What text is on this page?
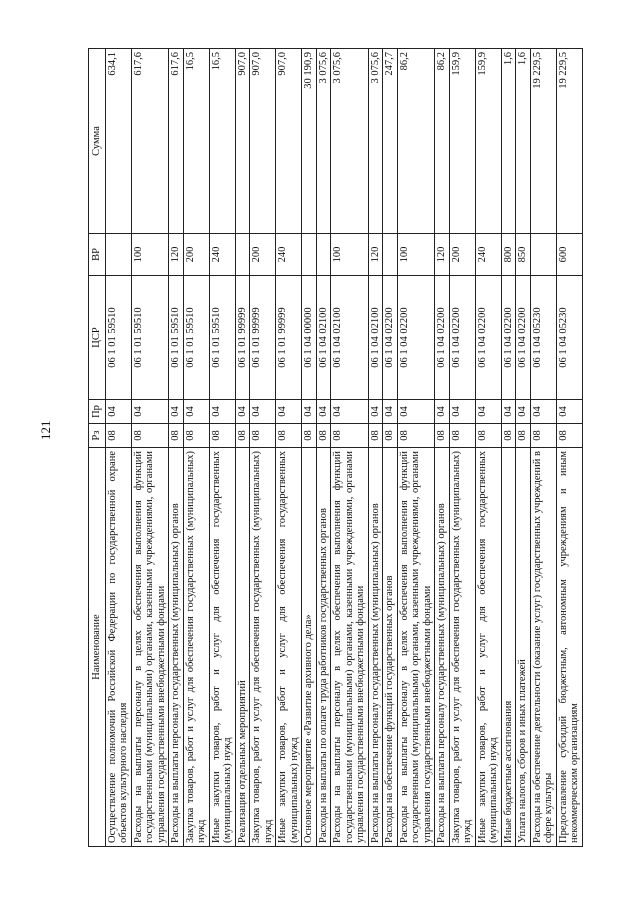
121
Наименование	Рз	Пр	ЦСР	ВР	Сумма
Осуществление полномочий Российской Федерации по государственной охране объектов культурного наследия	08	04	06 1 01 59510		634,1
Расходы на выплаты персоналу в целях обеспечения выполнения функций государственными (муниципальными) органами, казенными учреждениями, органами управления государственными внебюджетными фондами	08	04	06 1 01 59510	100	617,6
Расходы на выплаты персоналу государственных (муниципальных) органов	08	04	06 1 01 59510	120	617,6
Закупка товаров, работ и услуг для обеспечения государственных (муниципальных) нужд	08	04	06 1 01 59510	200	16,5
Иные закупки товаров, работ и услуг для обеспечения государственных (муниципальных) нужд	08	04	06 1 01 59510	240	16,5
Реализация отдельных мероприятий	08	04	06 1 01 99999		907,0
Закупка товаров, работ и услуг для обеспечения государственных (муниципальных) нужд	08	04	06 1 01 99999	200	907,0
Иные закупки товаров, работ и услуг для обеспечения государственных (муниципальных) нужд	08	04	06 1 01 99999	240	907,0
Основное мероприятие «Развитие архивного дела»	08	04	06 1 04 00000		30 190,9
Расходы на выплаты по оплате труда работников государственных органов	08	04	06 1 04 02100		3 075,6
Расходы на выплаты персоналу в целях обеспечения выполнения функций государственными (муниципальными) органами, казенными учреждениями, органами управления государственными внебюджетными фондами	08	04	06 1 04 02100	100	3 075,6
Расходы на выплаты персоналу государственных (муниципальных) органов	08	04	06 1 04 02100	120	3 075,6
Расходы на обеспечение функций государственных органов	08	04	06 1 04 02200		247,7
Расходы на выплаты персоналу в целях обеспечения выполнения функций государственными (муниципальными) органами, казенными учреждениями, органами управления государственными внебюджетными фондами	08	04	06 1 04 02200	100	86,2
Расходы на выплаты персоналу государственных (муниципальных) органов	08	04	06 1 04 02200	120	86,2
Закупка товаров, работ и услуг для обеспечения государственных (муниципальных) нужд	08	04	06 1 04 02200	200	159,9
Иные закупки товаров, работ и услуг для обеспечения государственных (муниципальных) нужд	08	04	06 1 04 02200	240	159,9
Иные бюджетные ассигнования	08	04	06 1 04 02200	800	1,6
Уплата налогов, сборов и иных платежей	08	04	06 1 04 02200	850	1,6
Расходы на обеспечение деятельности (оказание услуг) государственных учреждений в сфере культуры	08	04	06 1 04 05230		19 229,5
Предоставление субсидий бюджетным, автономным учреждениям и иным некоммерческим организациям	08	04	06 1 04 05230	600	19 229,5
